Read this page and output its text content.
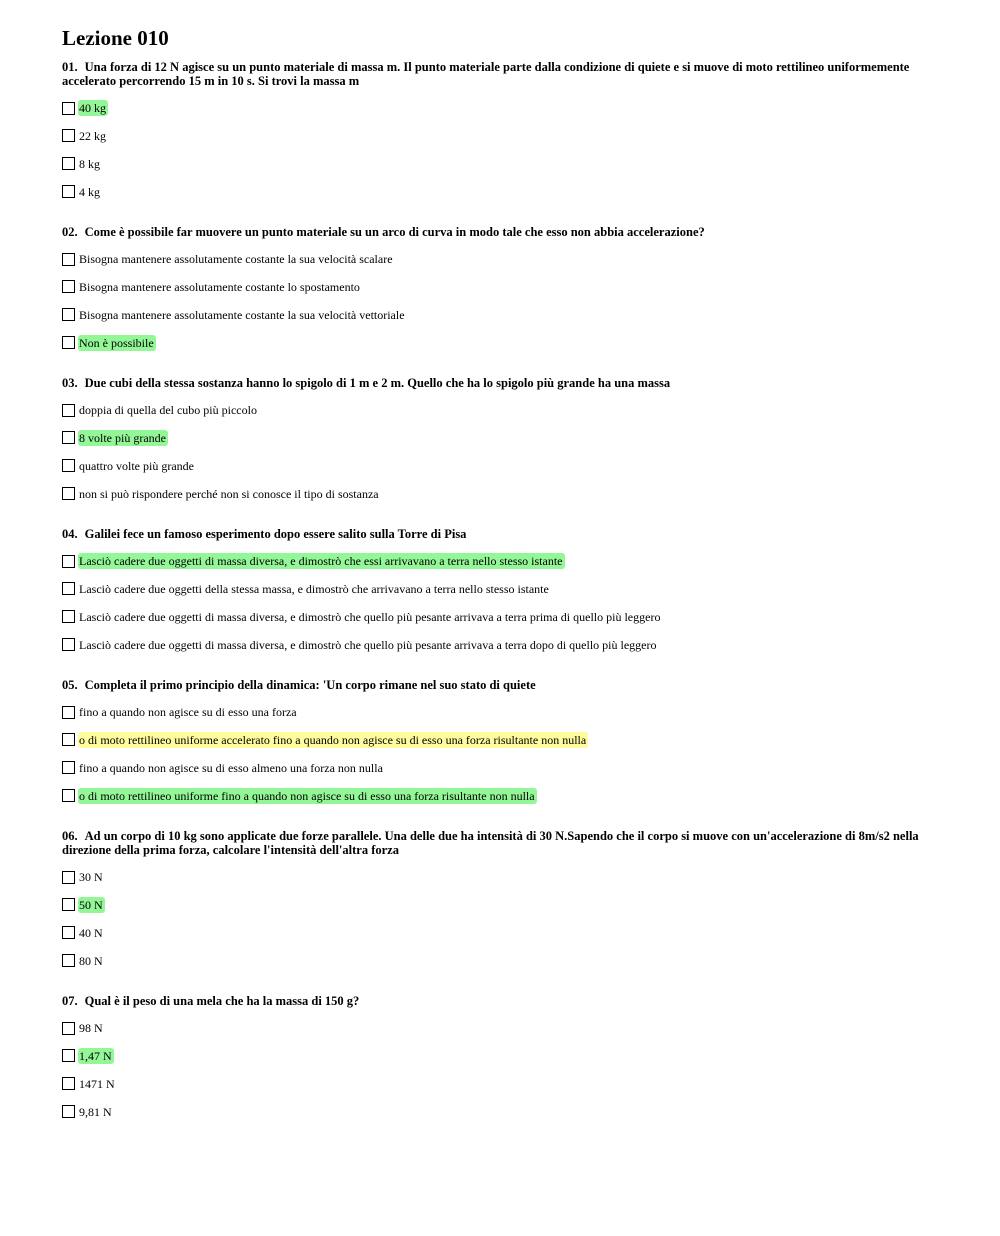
Lezione 010

01. Una forza di 12 N agisce su un punto materiale di massa m. Il punto materiale parte dalla condizione di quiete e si muove di moto rettilineo uniformemente accelerato percorrendo 15 m in 10 s. Si trovi la massa m

40 kg
22 kg
8 kg
4 kg

02. Come è possibile far muovere un punto materiale su un arco di curva in modo tale che esso non abbia accelerazione?

Bisogna mantenere assolutamente costante la sua velocità scalare
Bisogna mantenere assolutamente costante lo spostamento
Bisogna mantenere assolutamente costante la sua velocità vettoriale
Non è possibile

03. Due cubi della stessa sostanza hanno lo spigolo di 1 m e 2 m. Quello che ha lo spigolo più grande ha una massa

doppia di quella del cubo più piccolo
8 volte più grande
quattro volte più grande
non si può rispondere perché non si conosce il tipo di sostanza

04. Galilei fece un famoso esperimento dopo essere salito sulla Torre di Pisa

Lasciò cadere due oggetti di massa diversa, e dimostrò che essi arrivavano a terra nello stesso istante
Lasciò cadere due oggetti della stessa massa, e dimostrò che arrivavano a terra nello stesso istante
Lasciò cadere due oggetti di massa diversa, e dimostrò che quello più pesante arrivava a terra prima di quello più leggero
Lasciò cadere due oggetti di massa diversa, e dimostrò che quello più pesante arrivava a terra dopo di quello più leggero

05. Completa il primo principio della dinamica: 'Un corpo rimane nel suo stato di quiete

fino a quando non agisce su di esso una forza
o di moto rettilineo uniforme accelerato fino a quando non agisce su di esso una forza risultante non nulla
fino a quando non agisce su di esso almeno una forza non nulla
o di moto rettilineo uniforme fino a quando non agisce su di esso una forza risultante non nulla

06. Ad un corpo di 10 kg sono applicate due forze parallele. Una delle due ha intensità di 30 N.Sapendo che il corpo si muove con un'accelerazione di 8m/s2 nella direzione della prima forza, calcolare l'intensità dell'altra forza

30 N
50 N
40 N
80 N

07. Qual è il peso di una mela che ha la massa di 150 g?

98 N
1,47 N
1471 N
9,81 N
